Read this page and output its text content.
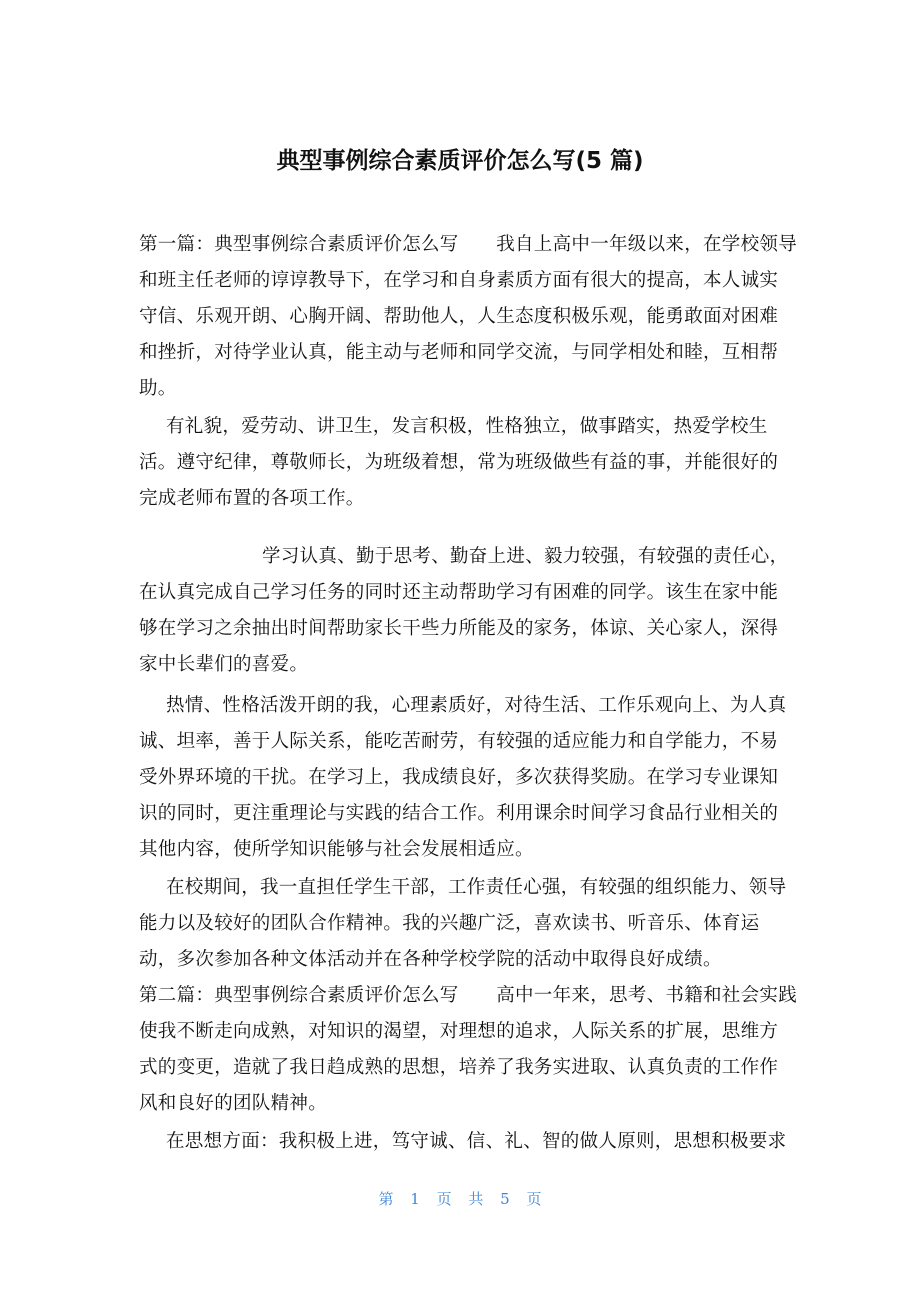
典型事例综合素质评价怎么写(5 篇)
第一篇：典型事例综合素质评价怎么写　　我自上高中一年级以来，在学校领导
和班主任老师的谆谆教导下，在学习和自身素质方面有很大的提高，本人诚实
守信、乐观开朗、心胸开阔、帮助他人，人生态度积极乐观，能勇敢面对困难
和挫折，对待学业认真，能主动与老师和同学交流，与同学相处和睦，互相帮
助。
有礼貌，爱劳动、讲卫生，发言积极，性格独立，做事踏实，热爱学校生
活。遵守纪律，尊敬师长，为班级着想，常为班级做些有益的事，并能很好的
完成老师布置的各项工作。
学习认真、勤于思考、勤奋上进、毅力较强，有较强的责任心，
在认真完成自己学习任务的同时还主动帮助学习有困难的同学。该生在家中能
够在学习之余抽出时间帮助家长干些力所能及的家务，体谅、关心家人，深得
家中长辈们的喜爱。
热情、性格活泼开朗的我，心理素质好，对待生活、工作乐观向上、为人真
诚、坦率，善于人际关系，能吃苦耐劳，有较强的适应能力和自学能力，不易
受外界环境的干扰。在学习上，我成绩良好，多次获得奖励。在学习专业课知
识的同时，更注重理论与实践的结合工作。利用课余时间学习食品行业相关的
其他内容，使所学知识能够与社会发展相适应。
在校期间，我一直担任学生干部，工作责任心强，有较强的组织能力、领导
能力以及较好的团队合作精神。我的兴趣广泛，喜欢读书、听音乐、体育运
动，多次参加各种文体活动并在各种学校学院的活动中取得良好成绩。
第二篇：典型事例综合素质评价怎么写　　高中一年来，思考、书籍和社会实践
使我不断走向成熟，对知识的渴望，对理想的追求，人际关系的扩展，思维方
式的变更，造就了我日趋成熟的思想，培养了我务实进取、认真负责的工作作
风和良好的团队精神。
在思想方面：我积极上进，笃守诚、信、礼、智的做人原则，思想积极要求
第 1 页 共 5 页
